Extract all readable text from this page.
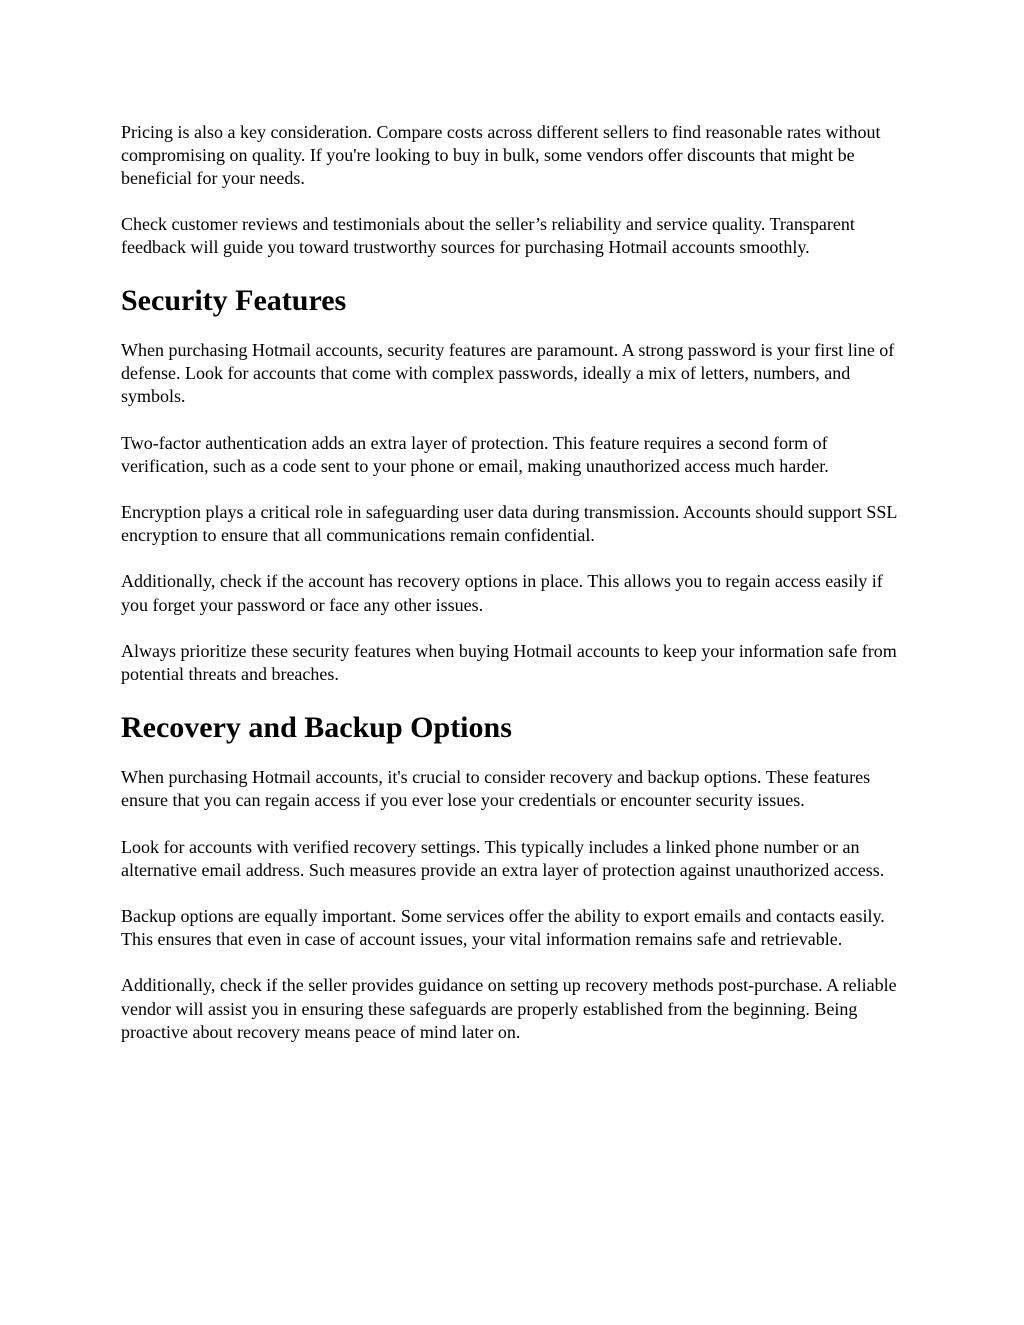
Pricing is also a key consideration. Compare costs across different sellers to find reasonable rates without compromising on quality. If you're looking to buy in bulk, some vendors offer discounts that might be beneficial for your needs.

Check customer reviews and testimonials about the seller’s reliability and service quality. Transparent feedback will guide you toward trustworthy sources for purchasing Hotmail accounts smoothly.

Security Features

When purchasing Hotmail accounts, security features are paramount. A strong password is your first line of defense. Look for accounts that come with complex passwords, ideally a mix of letters, numbers, and symbols.

Two-factor authentication adds an extra layer of protection. This feature requires a second form of verification, such as a code sent to your phone or email, making unauthorized access much harder.

Encryption plays a critical role in safeguarding user data during transmission. Accounts should support SSL encryption to ensure that all communications remain confidential.

Additionally, check if the account has recovery options in place. This allows you to regain access easily if you forget your password or face any other issues.

Always prioritize these security features when buying Hotmail accounts to keep your information safe from potential threats and breaches.

Recovery and Backup Options

When purchasing Hotmail accounts, it's crucial to consider recovery and backup options. These features ensure that you can regain access if you ever lose your credentials or encounter security issues.

Look for accounts with verified recovery settings. This typically includes a linked phone number or an alternative email address. Such measures provide an extra layer of protection against unauthorized access.

Backup options are equally important. Some services offer the ability to export emails and contacts easily. This ensures that even in case of account issues, your vital information remains safe and retrievable.

Additionally, check if the seller provides guidance on setting up recovery methods post-purchase. A reliable vendor will assist you in ensuring these safeguards are properly established from the beginning. Being proactive about recovery means peace of mind later on.
